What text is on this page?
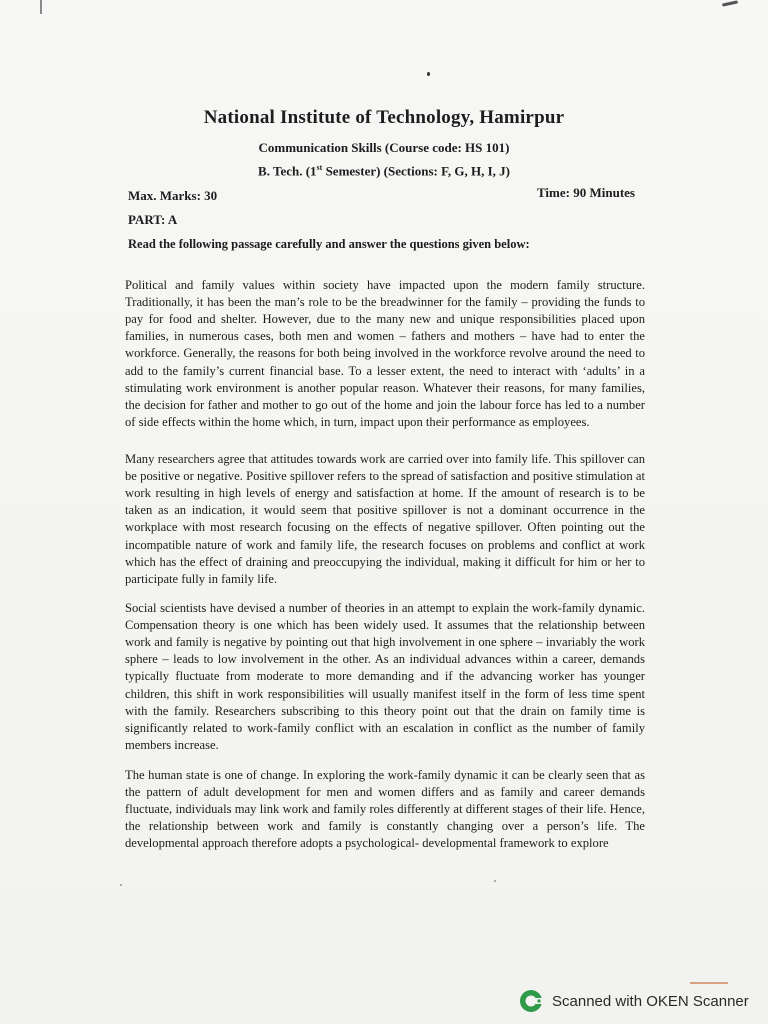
National Institute of Technology, Hamirpur
Communication Skills (Course code: HS 101)
B. Tech. (1st Semester) (Sections: F, G, H, I, J)
Max. Marks: 30	Time: 90 Minutes
PART: A
Read the following passage carefully and answer the questions given below:

Political and family values within society have impacted upon the modern family structure. Traditionally, it has been the man’s role to be the breadwinner for the family – providing the funds to pay for food and shelter. However, due to the many new and unique responsibilities placed upon families, in numerous cases, both men and women – fathers and mothers – have had to enter the workforce. Generally, the reasons for both being involved in the workforce revolve around the need to add to the family’s current financial base. To a lesser extent, the need to interact with ‘adults’ in a stimulating work environment is another popular reason. Whatever their reasons, for many families, the decision for father and mother to go out of the home and join the labour force has led to a number of side effects within the home which, in turn, impact upon their performance as employees.

Many researchers agree that attitudes towards work are carried over into family life. This spillover can be positive or negative. Positive spillover refers to the spread of satisfaction and positive stimulation at work resulting in high levels of energy and satisfaction at home. If the amount of research is to be taken as an indication, it would seem that positive spillover is not a dominant occurrence in the workplace with most research focusing on the effects of negative spillover. Often pointing out the incompatible nature of work and family life, the research focuses on problems and conflict at work which has the effect of draining and preoccupying the individual, making it difficult for him or her to participate fully in family life.

Social scientists have devised a number of theories in an attempt to explain the work-family dynamic. Compensation theory is one which has been widely used. It assumes that the relationship between work and family is negative by pointing out that high involvement in one sphere – invariably the work sphere – leads to low involvement in the other. As an individual advances within a career, demands typically fluctuate from moderate to more demanding and if the advancing worker has younger children, this shift in work responsibilities will usually manifest itself in the form of less time spent with the family. Researchers subscribing to this theory point out that the drain on family time is significantly related to work-family conflict with an escalation in conflict as the number of family members increase.

The human state is one of change. In exploring the work-family dynamic it can be clearly seen that as the pattern of adult development for men and women differs and as family and career demands fluctuate, individuals may link work and family roles differently at different stages of their life. Hence, the relationship between work and family is constantly changing over a person’s life. The developmental approach therefore adopts a psychological- developmental framework to explore

Scanned with OKEN Scanner
